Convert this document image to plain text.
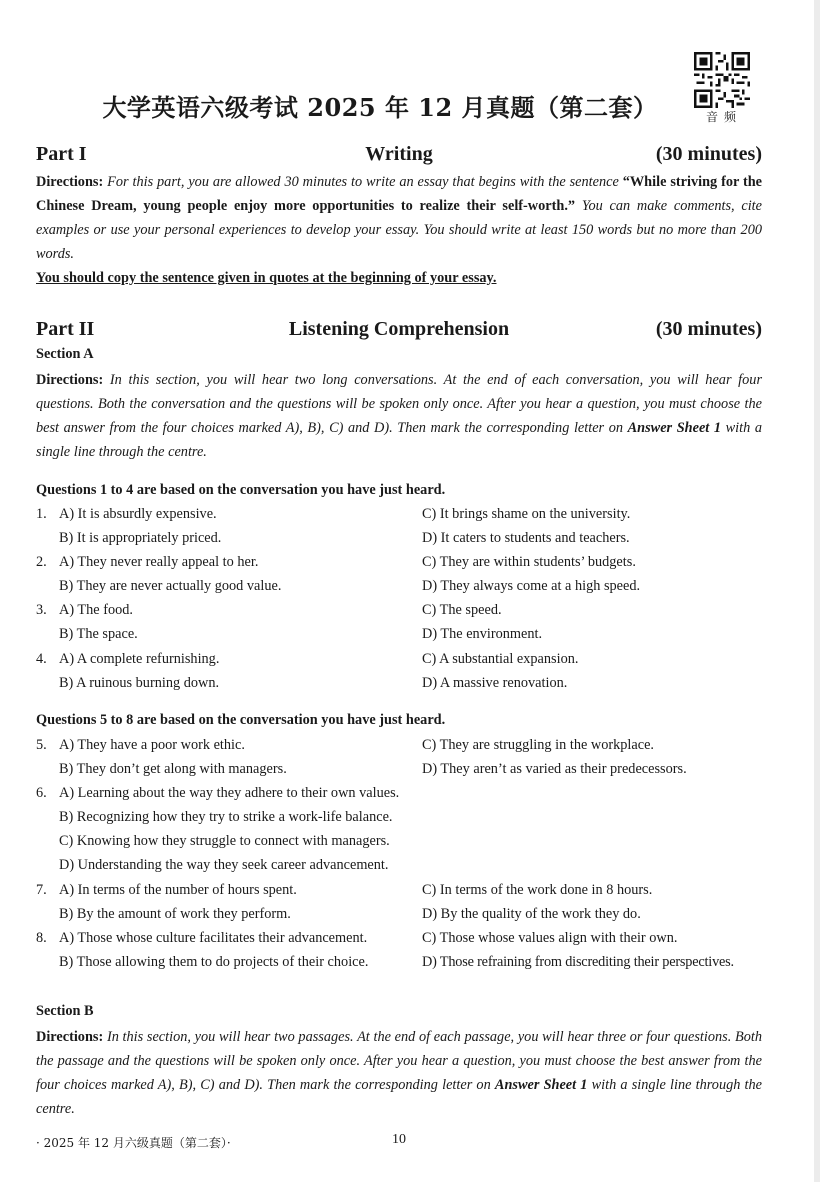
音频
大学英语六级考试 2025 年 12 月真题（第二套）
Part I	Writing	(30 minutes)
Directions: For this part, you are allowed 30 minutes to write an essay that begins with the sentence “While striving for the Chinese Dream, young people enjoy more opportunities to realize their self-worth.” You can make comments, cite examples or use your personal experiences to develop your essay. You should write at least 150 words but no more than 200 words.
You should copy the sentence given in quotes at the beginning of your essay.
Part II	Listening Comprehension	(30 minutes)
Section A
Directions: In this section, you will hear two long conversations. At the end of each conversation, you will hear four questions. Both the conversation and the questions will be spoken only once. After you hear a question, you must choose the best answer from the four choices marked A), B), C) and D). Then mark the corresponding letter on Answer Sheet 1 with a single line through the centre.
Questions 1 to 4 are based on the conversation you have just heard.
1. A) It is absurdly expensive.	C) It brings shame on the university.
B) It is appropriately priced.	D) It caters to students and teachers.
2. A) They never really appeal to her.	C) They are within students’ budgets.
B) They are never actually good value.	D) They always come at a high speed.
3. A) The food.	C) The speed.
B) The space.	D) The environment.
4. A) A complete refurnishing.	C) A substantial expansion.
B) A ruinous burning down.	D) A massive renovation.
Questions 5 to 8 are based on the conversation you have just heard.
5. A) They have a poor work ethic.	C) They are struggling in the workplace.
B) They don’t get along with managers.	D) They aren’t as varied as their predecessors.
6. A) Learning about the way they adhere to their own values.
B) Recognizing how they try to strike a work-life balance.
C) Knowing how they struggle to connect with managers.
D) Understanding the way they seek career advancement.
7. A) In terms of the number of hours spent.	C) In terms of the work done in 8 hours.
B) By the amount of work they perform.	D) By the quality of the work they do.
8. A) Those whose culture facilitates their advancement.	C) Those whose values align with their own.
B) Those allowing them to do projects of their choice.	D) Those refraining from discrediting their perspectives.
Section B
Directions: In this section, you will hear two passages. At the end of each passage, you will hear three or four questions. Both the passage and the questions will be spoken only once. After you hear a question, you must choose the best answer from the four choices marked A), B), C) and D). Then mark the corresponding letter on Answer Sheet 1 with a single line through the centre.
· 2025 年 12 月六级真题（第二套）·	10
